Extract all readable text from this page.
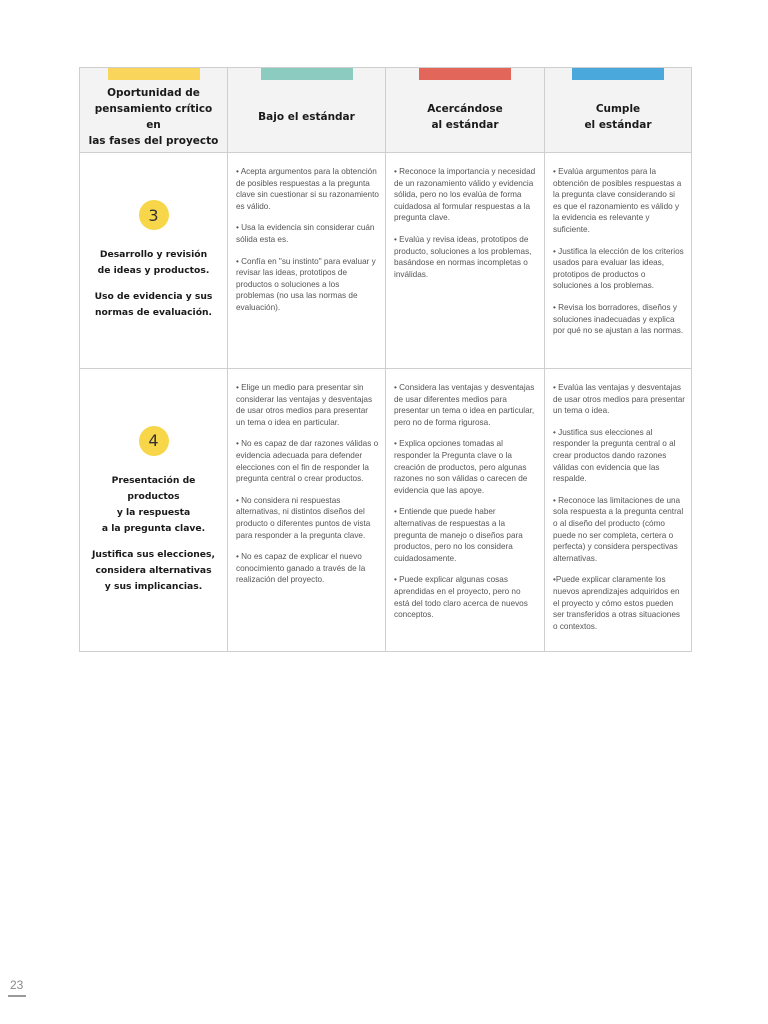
Oportunidad de
pensamiento crítico en
las fases del proyecto
Bajo el estándar
Acercándose
al estándar
Cumple
el estándar
3
Desarrollo y revisión
de ideas y productos.
Uso de evidencia y sus
normas de evaluación.

• Acepta argumentos para la obtención de posibles respuestas a la pregunta clave sin cuestionar si su razonamiento es válido.

• Usa la evidencia sin considerar cuán sólida esta es.

• Confía en "su instinto" para evaluar y revisar las ideas, prototipos de productos o soluciones a los problemas (no usa las normas de evaluación).

• Reconoce la importancia y necesidad de un razonamiento válido y evidencia sólida, pero no los evalúa de forma cuidadosa al formular respuestas a la pregunta clave.

• Evalúa y revisa ideas, prototipos de producto, soluciones a los problemas, basándose en normas incompletas o inválidas.

• Evalúa argumentos para la obtención de posibles respuestas a la pregunta clave considerando si es que el razonamiento es válido y la evidencia es relevante y suficiente.

• Justifica la elección de los criterios usados para evaluar las ideas, prototipos de productos o soluciones a los problemas.

• Revisa los borradores, diseños y soluciones inadecuadas y explica por qué no se ajustan a las normas.

4
Presentación de productos
y la respuesta
a la pregunta clave.
Justifica sus elecciones,
considera alternativas
y sus implicancias.

• Elige un medio para presentar sin considerar las ventajas y desventajas de usar otros medios para presentar un tema o idea en particular.

• No es capaz de dar razones válidas o evidencia adecuada para defender elecciones con el fin de responder la pregunta central o crear productos.

• No considera ni respuestas alternativas, ni distintos diseños del producto o diferentes puntos de vista para responder a la pregunta clave.

• No es capaz de explicar el nuevo conocimiento ganado a través de la realización del proyecto.

• Considera las ventajas y desventajas de usar diferentes medios para presentar un tema o idea en particular, pero no de forma rigurosa.

• Explica opciones tomadas al responder la Pregunta clave o la creación de productos, pero algunas razones no son válidas o carecen de evidencia que las apoye.

• Entiende que puede haber alternativas de respuestas a la pregunta de manejo o diseños para productos, pero no los considera cuidadosamente.

• Puede explicar algunas cosas aprendidas en el proyecto, pero no está del todo claro acerca de nuevos conceptos.

• Evalúa las ventajas y desventajas de usar otros medios para presentar un tema o idea.

• Justifica sus elecciones al responder la pregunta central o al crear productos dando razones válidas con evidencia que las respalde.

• Reconoce las limitaciones de una sola respuesta a la pregunta central o al diseño del producto (cómo puede no ser completa, certera o perfecta) y considera perspectivas alternativas.

•Puede explicar claramente los nuevos aprendizajes adquiridos en el proyecto y cómo estos pueden ser transferidos a otras situaciones o contextos.

23
